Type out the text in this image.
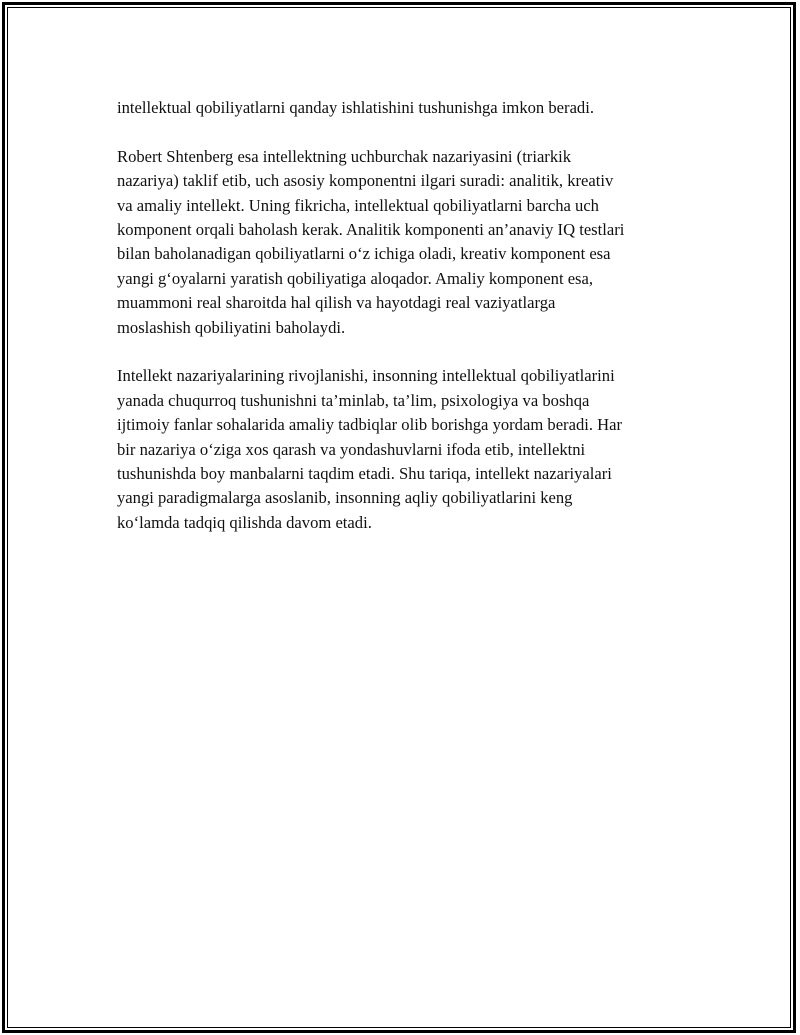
intellektual qobiliyatlarni qanday ishlatishini tushunishga imkon beradi.

Robert Shtenberg esa intellektning uchburchak nazariyasini (triarkik
nazariya) taklif etib, uch asosiy komponentni ilgari suradi: analitik, kreativ
va amaliy intellekt. Uning fikricha, intellektual qobiliyatlarni barcha uch
komponent orqali baholash kerak. Analitik komponenti an’anaviy IQ testlari
bilan baholanadigan qobiliyatlarni oʻz ichiga oladi, kreativ komponent esa
yangi gʻoyalarni yaratish qobiliyatiga aloqador. Amaliy komponent esa,
muammoni real sharoitda hal qilish va hayotdagi real vaziyatlarga
moslashish qobiliyatini baholaydi.

Intellekt nazariyalarining rivojlanishi, insonning intellektual qobiliyatlarini
yanada chuqurroq tushunishni ta’minlab, ta’lim, psixologiya va boshqa
ijtimoiy fanlar sohalarida amaliy tadbiqlar olib borishga yordam beradi. Har
bir nazariya oʻziga xos qarash va yondashuvlarni ifoda etib, intellektni
tushunishda boy manbalarni taqdim etadi. Shu tariqa, intellekt nazariyalari
yangi paradigmalarga asoslanib, insonning aqliy qobiliyatlarini keng
koʻlamda tadqiq qilishda davom etadi.
